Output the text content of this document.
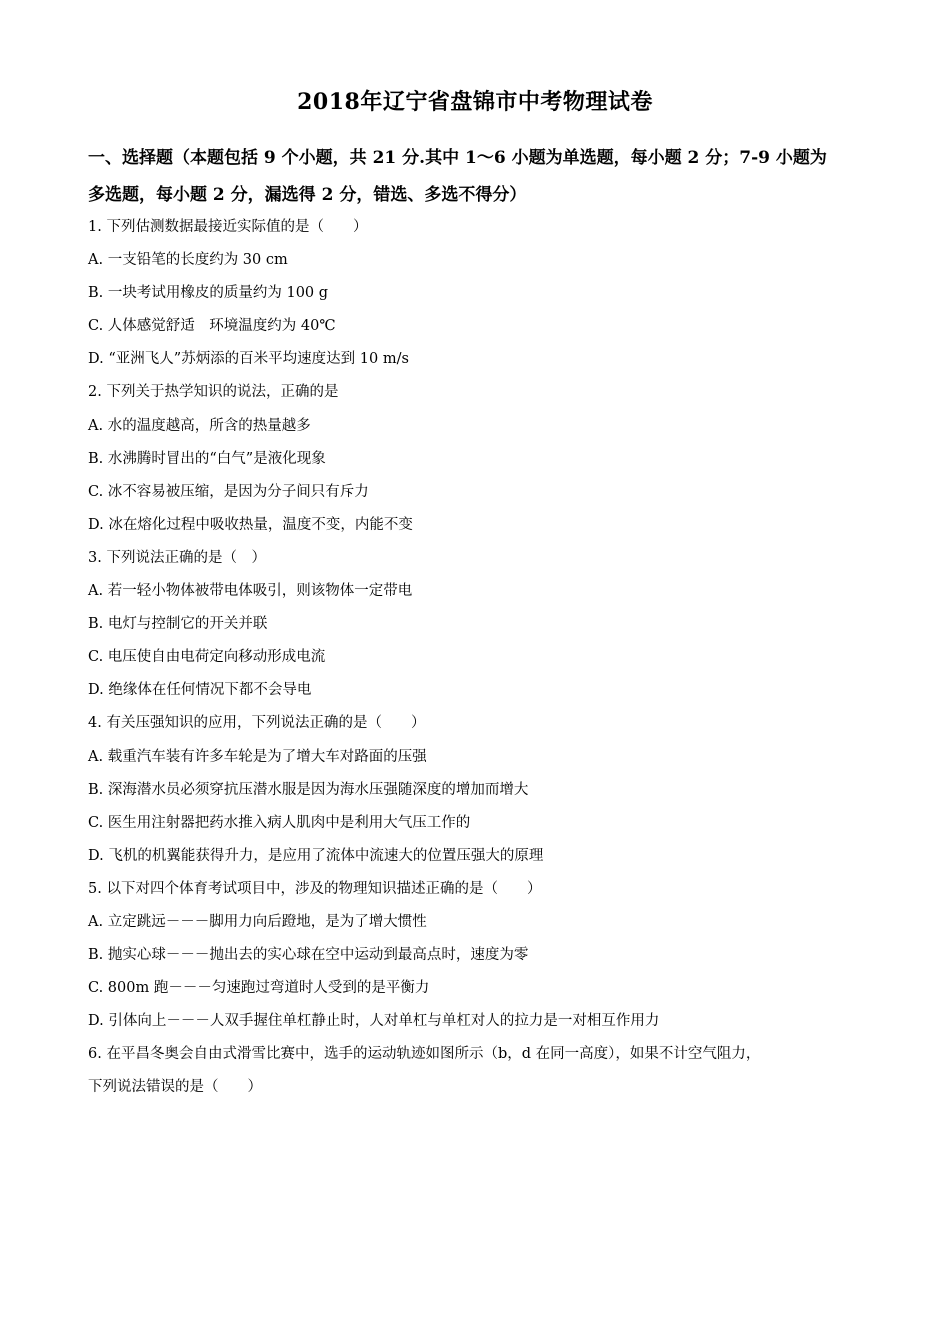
2018年辽宁省盘锦市中考物理试卷
一、选择题（本题包括 9 个小题，共 21 分.其中 1～6 小题为单选题，每小题 2 分；7-9 小题为
多选题，每小题 2 分，漏选得 2 分，错选、多选不得分）
1. 下列估测数据最接近实际值的是（　　）
A. 一支铅笔的长度约为 30 cm
B. 一块考试用橡皮的质量约为 100 g
C. 人体感觉舒适　环境温度约为 40℃
D. “亚洲飞人”苏炳添的百米平均速度达到 10 m/s
2. 下列关于热学知识的说法，正确的是
A. 水的温度越高，所含的热量越多
B. 水沸腾时冒出的“白气”是液化现象
C. 冰不容易被压缩，是因为分子间只有斥力
D. 冰在熔化过程中吸收热量，温度不变，内能不变
3. 下列说法正确的是（　）
A. 若一轻小物体被带电体吸引，则该物体一定带电
B. 电灯与控制它的开关并联
C. 电压使自由电荷定向移动形成电流
D. 绝缘体在任何情况下都不会导电
4. 有关压强知识的应用，下列说法正确的是（　　）
A. 载重汽车装有许多车轮是为了增大车对路面的压强
B. 深海潜水员必须穿抗压潜水服是因为海水压强随深度的增加而增大
C. 医生用注射器把药水推入病人肌肉中是利用大气压工作的
D. 飞机的机翼能获得升力，是应用了流体中流速大的位置压强大的原理
5. 以下对四个体育考试项目中，涉及的物理知识描述正确的是（　　）
A. 立定跳远－－－脚用力向后蹬地，是为了增大惯性
B. 抛实心球－－－抛出去的实心球在空中运动到最高点时，速度为零
C. 800m 跑－－－匀速跑过弯道时人受到的是平衡力
D. 引体向上－－－人双手握住单杠静止时，人对单杠与单杠对人的拉力是一对相互作用力
6. 在平昌冬奥会自由式滑雪比赛中，选手的运动轨迹如图所示（b，d 在同一高度），如果不计空气阻力，
下列说法错误的是（　　）
